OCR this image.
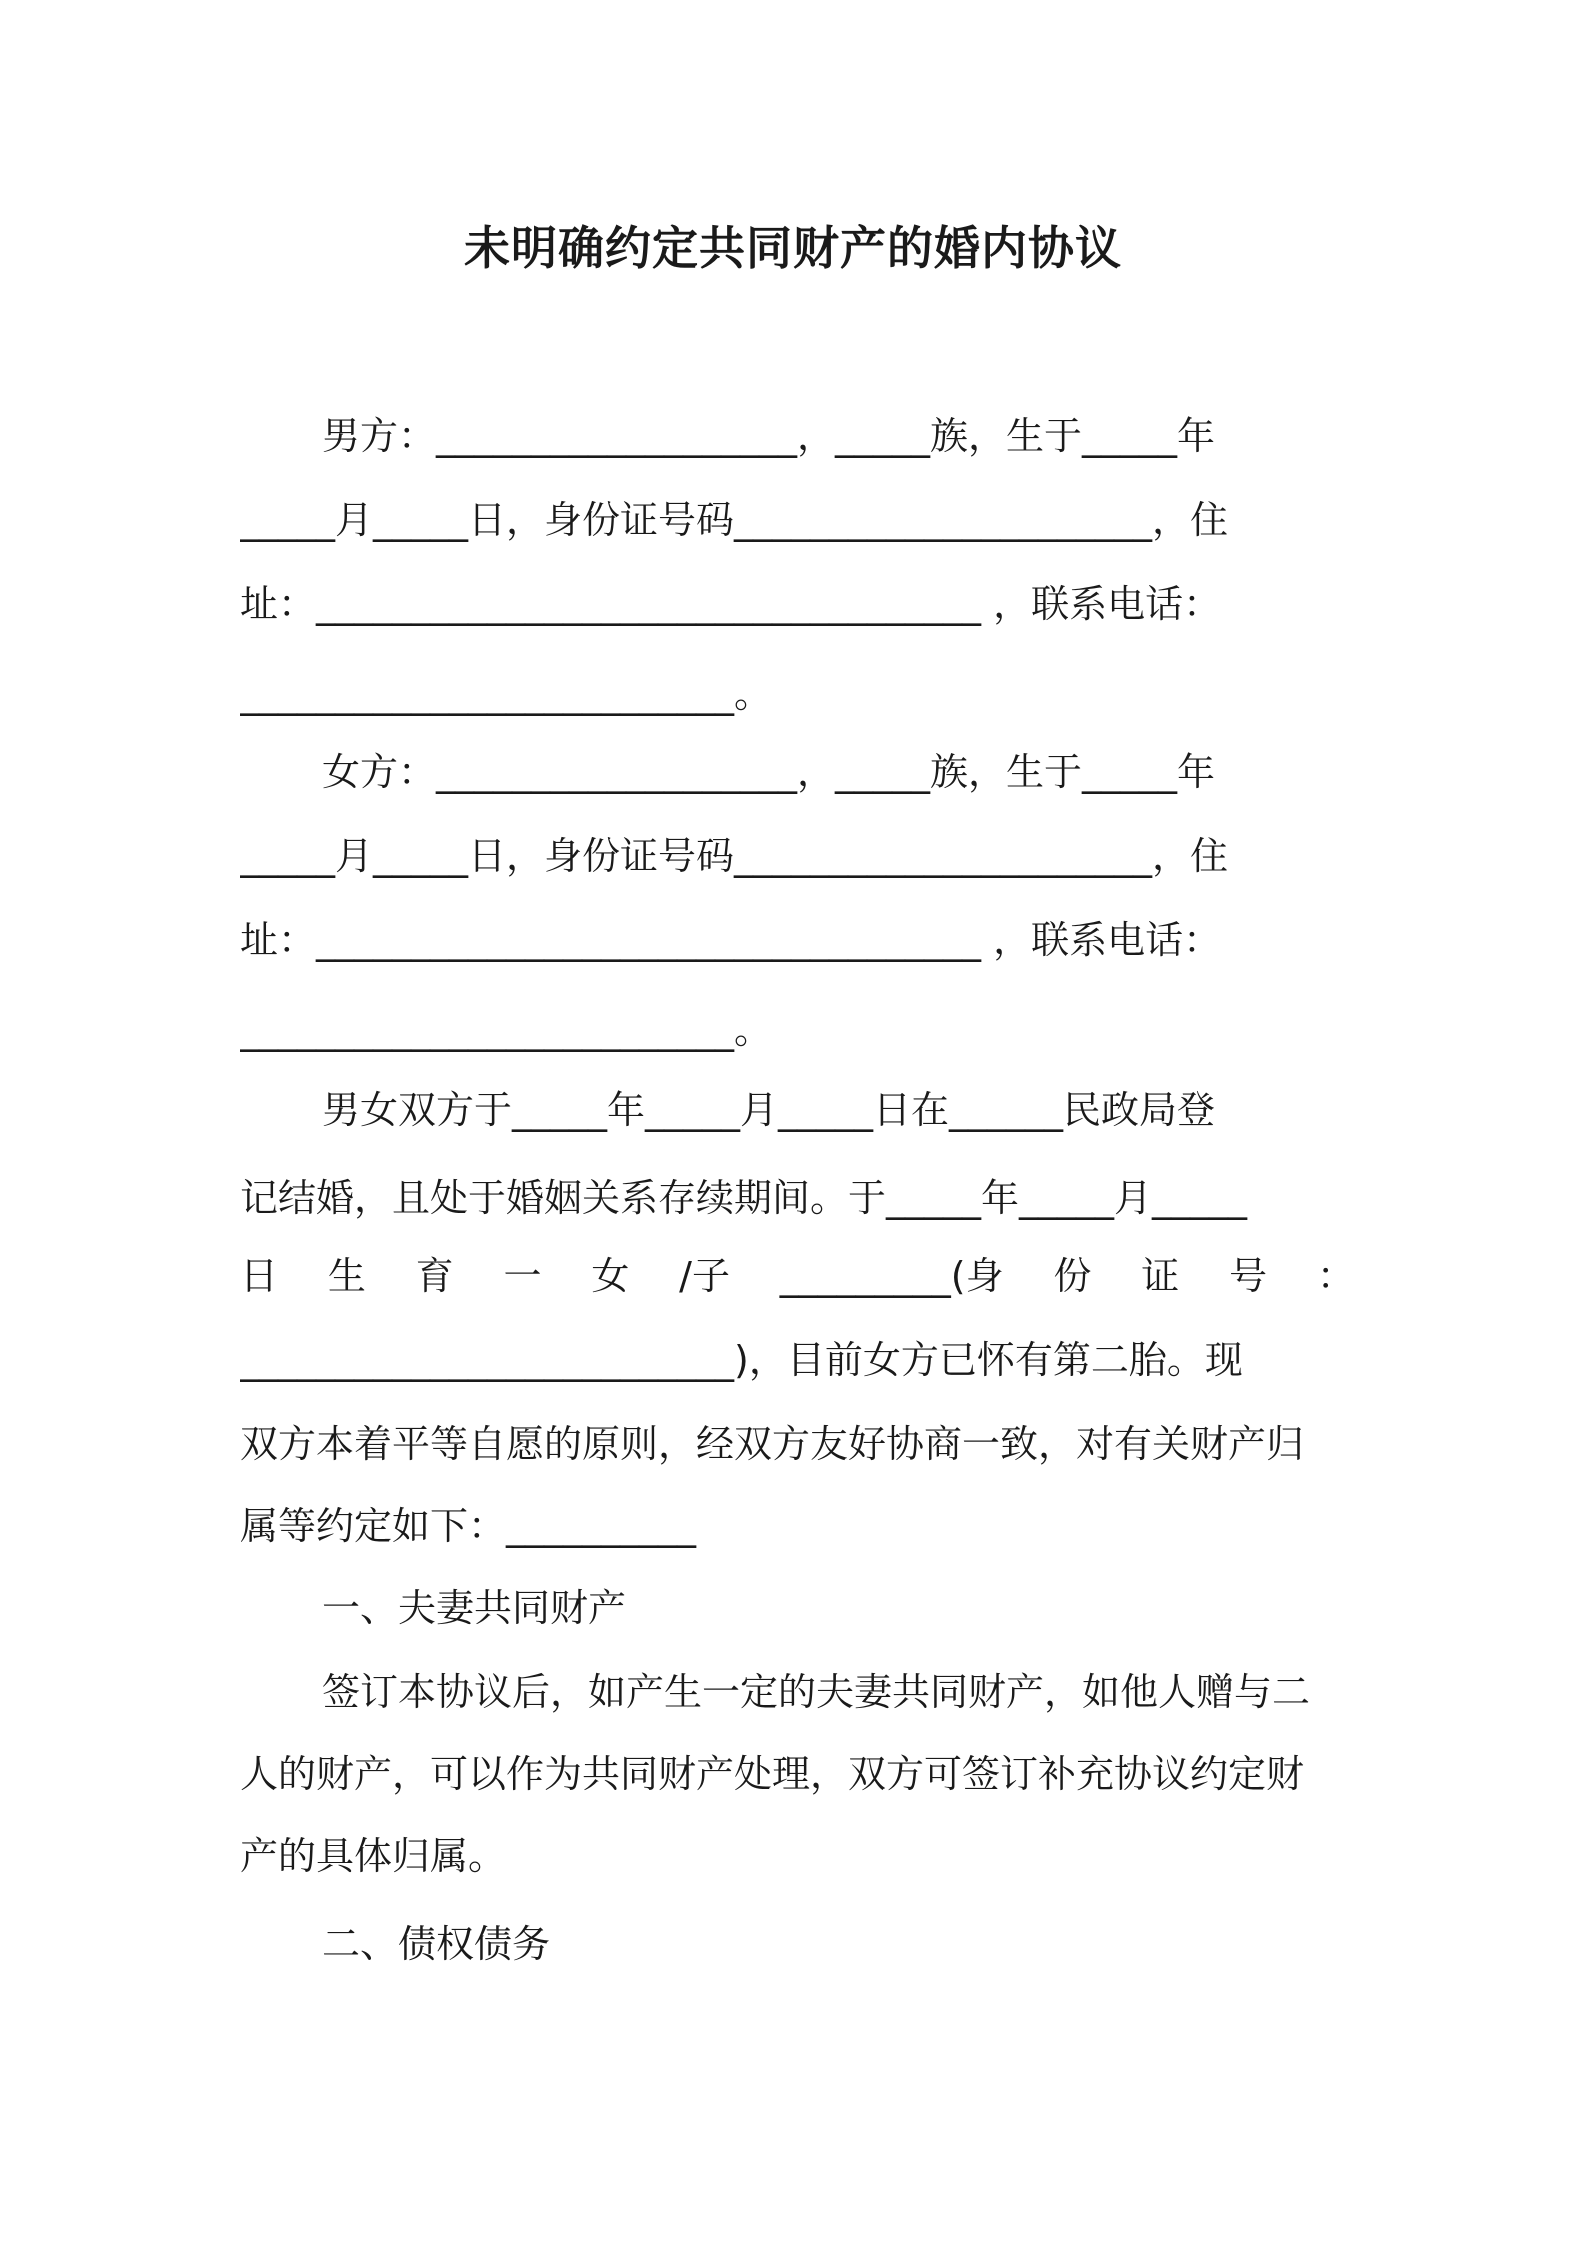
未明确约定共同财产的婚内协议
男方：___________________，_____族，生于_____年
_____月_____日，身份证号码______________________，住
址：___________________________________ ，联系电话：
__________________________。
女方：___________________，_____族，生于_____年
_____月_____日，身份证号码______________________，住
址：___________________________________ ，联系电话：
__________________________。
男女双方于_____年_____月_____日在______民政局登
记结婚，且处于婚姻关系存续期间。于_____年_____月_____
日 生 育 一 女 /子 _________(身 份 证 号 ：
__________________________)，目前女方已怀有第二胎。现
双方本着平等自愿的原则，经双方友好协商一致，对有关财产归
属等约定如下：__________
一、夫妻共同财产
签订本协议后，如产生一定的夫妻共同财产，如他人赠与二
人的财产，可以作为共同财产处理，双方可签订补充协议约定财
产的具体归属。
二、债权债务
